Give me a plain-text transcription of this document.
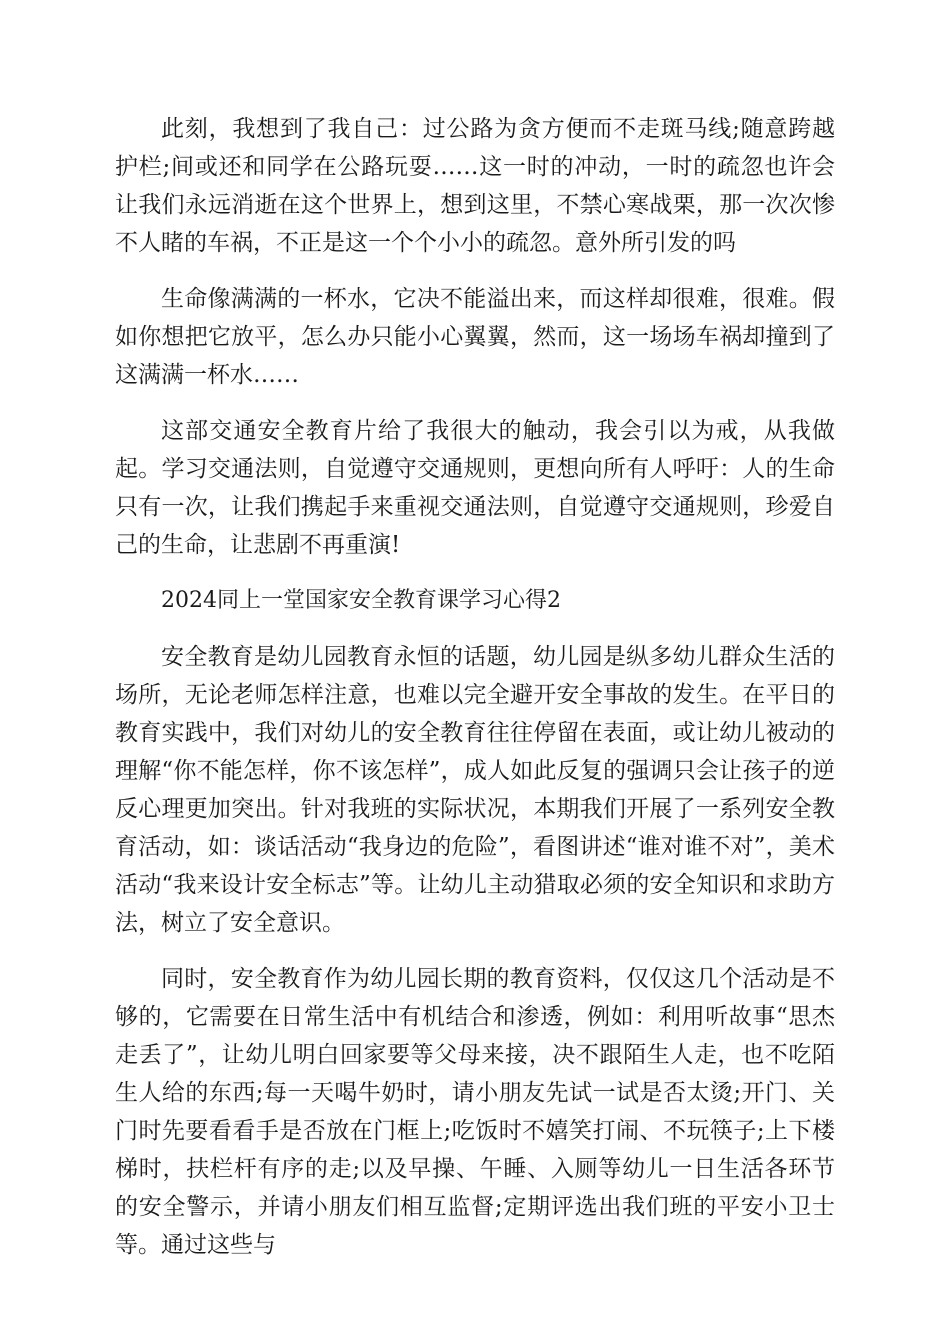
此刻，我想到了我自己：过公路为贪方便而不走斑马线;随意跨越护栏;间或还和同学在公路玩耍……这一时的冲动，一时的疏忽也许会让我们永远消逝在这个世界上，想到这里，不禁心寒战栗，那一次次惨不人睹的车祸，不正是这一个个小小的疏忽。意外所引发的吗

生命像满满的一杯水，它决不能溢出来，而这样却很难，很难。假如你想把它放平，怎么办只能小心翼翼，然而，这一场场车祸却撞到了这满满一杯水……

这部交通安全教育片给了我很大的触动，我会引以为戒，从我做起。学习交通法则，自觉遵守交通规则，更想向所有人呼吁：人的生命只有一次，让我们携起手来重视交通法则，自觉遵守交通规则，珍爱自己的生命，让悲剧不再重演!

2024同上一堂国家安全教育课学习心得2

安全教育是幼儿园教育永恒的话题，幼儿园是纵多幼儿群众生活的场所，无论老师怎样注意，也难以完全避开安全事故的发生。在平日的教育实践中，我们对幼儿的安全教育往往停留在表面，或让幼儿被动的理解“你不能怎样，你不该怎样”，成人如此反复的强调只会让孩子的逆反心理更加突出。针对我班的实际状况，本期我们开展了一系列安全教育活动，如：谈话活动“我身边的危险”，看图讲述“谁对谁不对”，美术活动“我来设计安全标志”等。让幼儿主动猎取必须的安全知识和求助方法，树立了安全意识。

同时，安全教育作为幼儿园长期的教育资料，仅仅这几个活动是不够的，它需要在日常生活中有机结合和渗透，例如：利用听故事“思杰走丢了”，让幼儿明白回家要等父母来接，决不跟陌生人走，也不吃陌生人给的东西;每一天喝牛奶时，请小朋友先试一试是否太烫;开门、关门时先要看看手是否放在门框上;吃饭时不嬉笑打闹、不玩筷子;上下楼梯时，扶栏杆有序的走;以及早操、午睡、入厕等幼儿一日生活各环节的安全警示，并请小朋友们相互监督;定期评选出我们班的平安小卫士等。通过这些与
